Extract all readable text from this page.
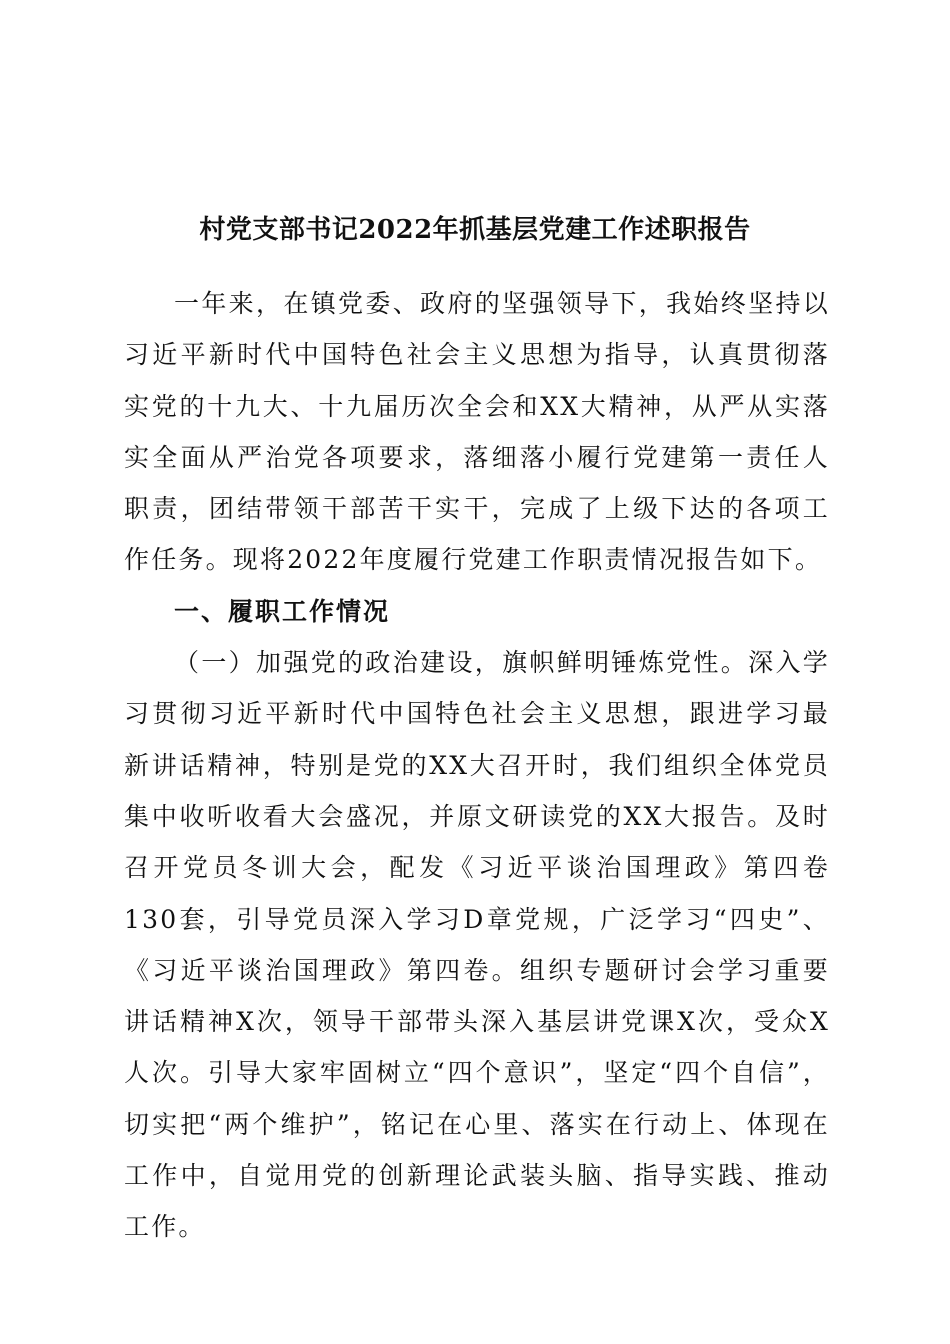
村党支部书记2022年抓基层党建工作述职报告

一年来，在镇党委、政府的坚强领导下，我始终坚持以习近平新时代中国特色社会主义思想为指导，认真贯彻落实党的十九大、十九届历次全会和XX大精神，从严从实落实全面从严治党各项要求，落细落小履行党建第一责任人职责，团结带领干部苦干实干，完成了上级下达的各项工作任务。现将2022年度履行党建工作职责情况报告如下。

一、履职工作情况

（一）加强党的政治建设，旗帜鲜明锤炼党性。深入学习贯彻习近平新时代中国特色社会主义思想，跟进学习最新讲话精神，特别是党的XX大召开时，我们组织全体党员集中收听收看大会盛况，并原文研读党的XX大报告。及时召开党员冬训大会，配发《习近平谈治国理政》第四卷130套，引导党员深入学习D章党规，广泛学习“四史”、《习近平谈治国理政》第四卷。组织专题研讨会学习重要讲话精神X次，领导干部带头深入基层讲党课X次，受众X人次。引导大家牢固树立“四个意识”，坚定“四个自信”，切实把“两个维护”，铭记在心里、落实在行动上、体现在工作中，自觉用党的创新理论武装头脑、指导实践、推动工作。
